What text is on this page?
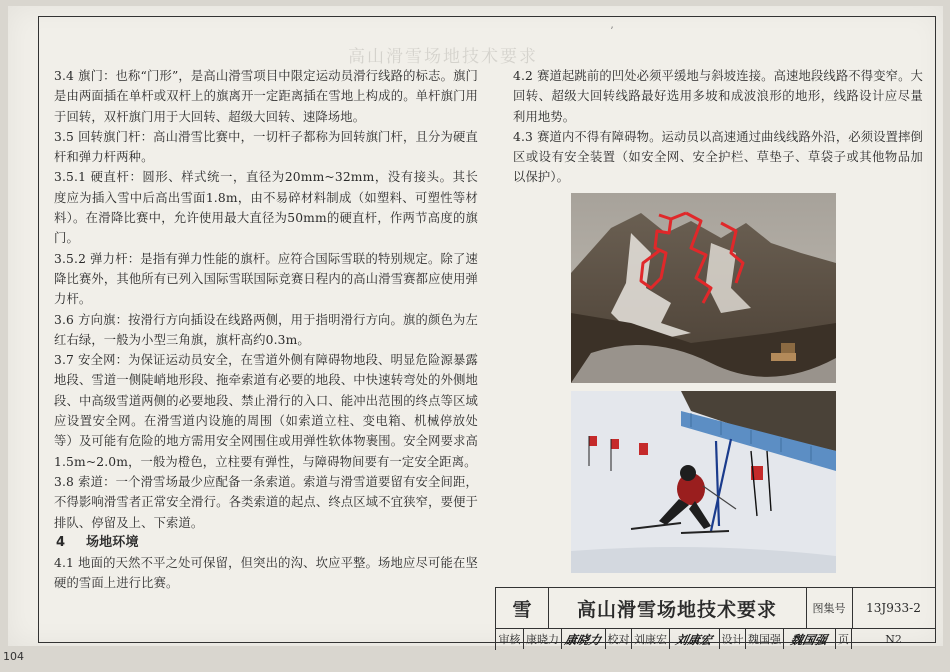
高山滑雪场地技术要求
ʼ

3.4 旗门：也称“门形”，是高山滑雪项目中限定运动员滑行线路的标志。旗门是由两面插在单杆或双杆上的旗离开一定距离插在雪地上构成的。单杆旗门用于回转，双杆旗门用于大回转、超级大回转、速降场地。

3.5 回转旗门杆：高山滑雪比赛中，一切杆子都称为回转旗门杆，且分为硬直杆和弹力杆两种。

3.5.1 硬直杆：圆形、样式统一，直径为20mm~32mm，没有接头。其长度应为插入雪中后高出雪面1.8m，由不易碎材料制成（如塑料、可塑性等材料）。在滑降比赛中，允许使用最大直径为50mm的硬直杆，作两节高度的旗门。

3.5.2 弹力杆：是指有弹力性能的旗杆。应符合国际雪联的特别规定。除了速降比赛外，其他所有已列入国际雪联国际竞赛日程内的高山滑雪赛都应使用弹力杆。

3.6 方向旗：按滑行方向插设在线路两侧，用于指明滑行方向。旗的颜色为左红右绿，一般为小型三角旗，旗杆高约0.3m。

3.7 安全网：为保证运动员安全，在雪道外侧有障碍物地段、明显危险源暴露地段、雪道一侧陡峭地形段、拖牵索道有必要的地段、中快速转弯处的外侧地段、中高级雪道两侧的必要地段、禁止滑行的入口、能冲出范围的终点等区域应设置安全网。在滑雪道内设施的周围（如索道立柱、变电箱、机械停放处等）及可能有危险的地方需用安全网围住或用弹性软体物裹围。安全网要求高1.5m~2.0m，一般为橙色，立柱要有弹性，与障碍物间要有一定安全距离。

3.8 索道：一个滑雪场最少应配备一条索道。索道与滑雪道要留有安全间距，不得影响滑雪者正常安全滑行。各类索道的起点、终点区域不宜狭窄，要便于排队、停留及上、下索道。

4 场地环境

4.1 地面的天然不平之处可保留，但突出的沟、坎应平整。场地应尽可能在坚硬的雪面上进行比赛。

4.2 赛道起跳前的凹处必须平缓地与斜坡连接。高速地段线路不得变窄。大回转、超级大回转线路最好选用多坡和成波浪形的地形，线路设计应尽量利用地势。

4.3 赛道内不得有障碍物。运动员以高速通过曲线线路外沿，必须设置摔倒区或设有安全装置（如安全网、安全护栏、草垫子、草袋子或其他物品加以保护）。

雪	高山滑雪场地技术要求	图集号	13J933-2
审核 康晓力 康晓力 校对 刘康宏 刘康宏 设计 魏国强 魏国强 页	N2
104
